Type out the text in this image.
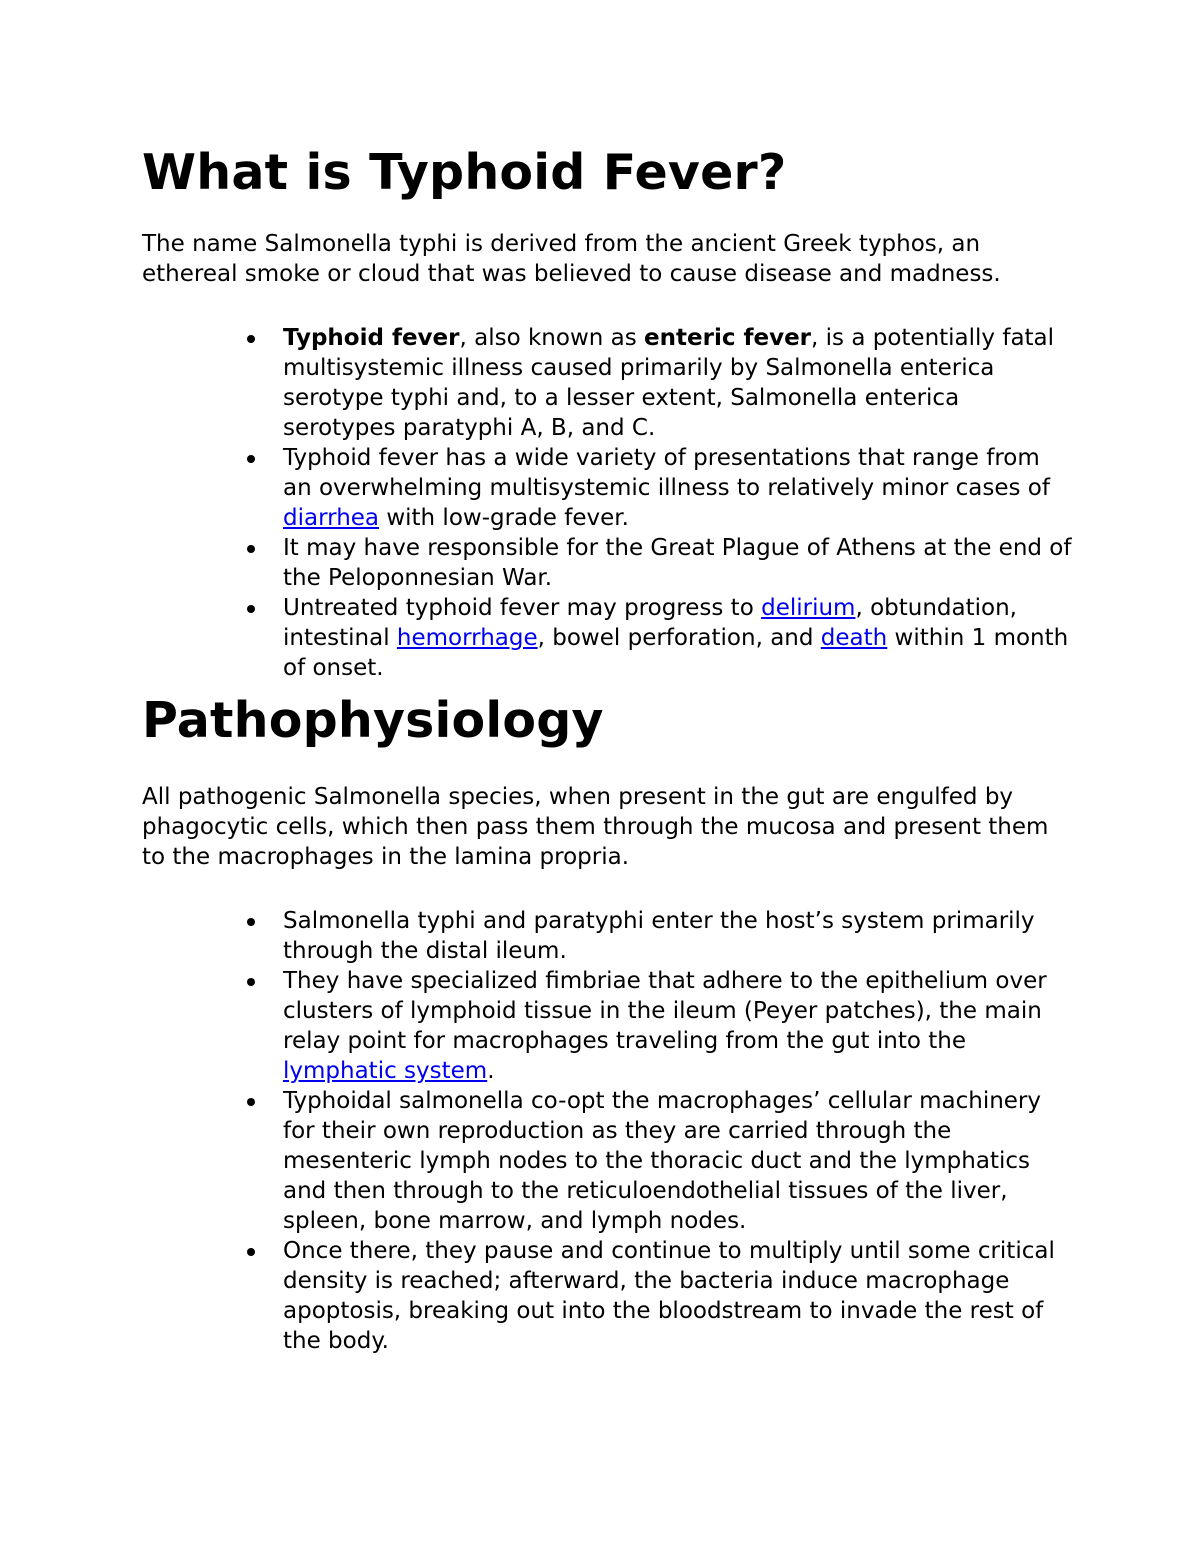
What is Typhoid Fever?

The name Salmonella typhi is derived from the ancient Greek typhos, an ethereal smoke or cloud that was believed to cause disease and madness.

Typhoid fever, also known as enteric fever, is a potentially fatal multisystemic illness caused primarily by Salmonella enterica serotype typhi and, to a lesser extent, Salmonella enterica serotypes paratyphi A, B, and C.
Typhoid fever has a wide variety of presentations that range from an overwhelming multisystemic illness to relatively minor cases of diarrhea with low-grade fever.
It may have responsible for the Great Plague of Athens at the end of the Peloponnesian War.
Untreated typhoid fever may progress to delirium, obtundation, intestinal hemorrhage, bowel perforation, and death within 1 month of onset.
Pathophysiology

All pathogenic Salmonella species, when present in the gut are engulfed by phagocytic cells, which then pass them through the mucosa and present them to the macrophages in the lamina propria.

Salmonella typhi and paratyphi enter the host’s system primarily through the distal ileum.
They have specialized fimbriae that adhere to the epithelium over clusters of lymphoid tissue in the ileum (Peyer patches), the main relay point for macrophages traveling from the gut into the lymphatic system.
Typhoidal salmonella co-opt the macrophages’ cellular machinery for their own reproduction as they are carried through the mesenteric lymph nodes to the thoracic duct and the lymphatics and then through to the reticuloendothelial tissues of the liver, spleen, bone marrow, and lymph nodes.
Once there, they pause and continue to multiply until some critical density is reached; afterward, the bacteria induce macrophage apoptosis, breaking out into the bloodstream to invade the rest of the body.
